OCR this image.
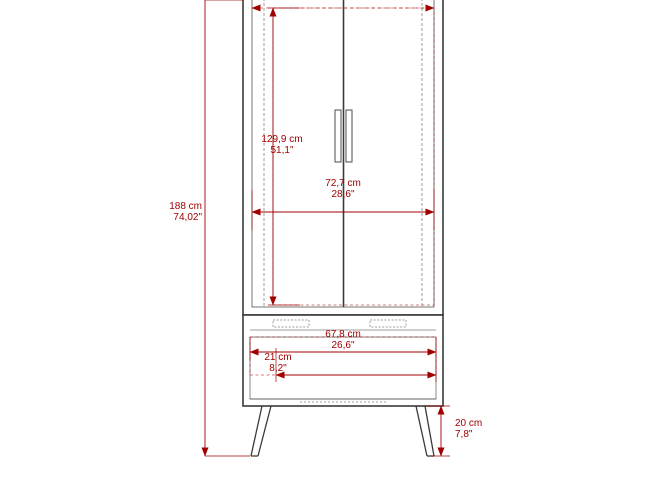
188 cm
74,02"
129,9 cm
51,1"
72,7 cm
28,6"
67,8 cm
26,6"
21 cm
8,2"
20 cm
7,8"
